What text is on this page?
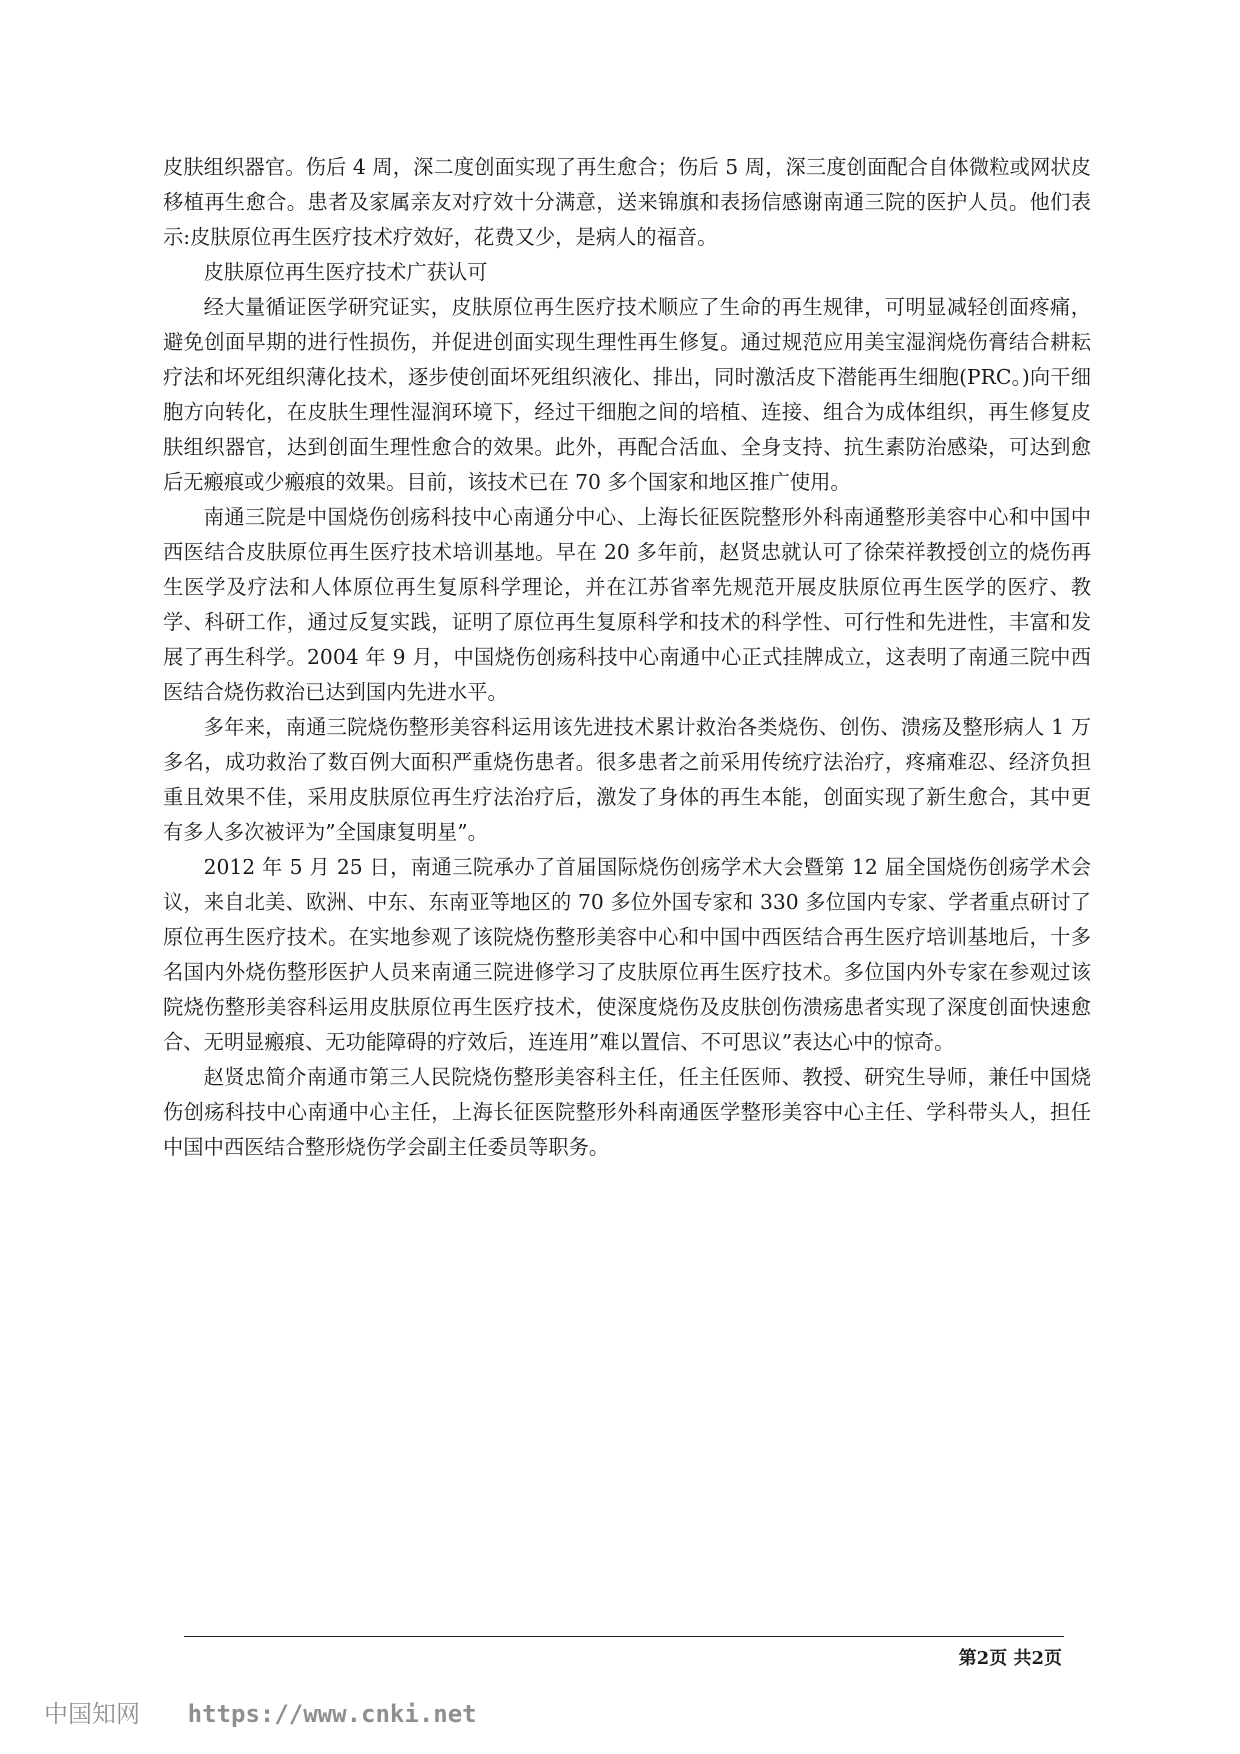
皮肤组织器官。伤后 4 周，深二度创面实现了再生愈合；伤后 5 周，深三度创面配合自体微粒或网状皮移植再生愈合。患者及家属亲友对疗效十分满意，送来锦旗和表扬信感谢南通三院的医护人员。他们表示:皮肤原位再生医疗技术疗效好，花费又少，是病人的福音。

皮肤原位再生医疗技术广获认可

经大量循证医学研究证实，皮肤原位再生医疗技术顺应了生命的再生规律，可明显减轻创面疼痛，避免创面早期的进行性损伤，并促进创面实现生理性再生修复。通过规范应用美宝湿润烧伤膏结合耕耘疗法和坏死组织薄化技术，逐步使创面坏死组织液化、排出，同时激活皮下潜能再生细胞(PRC。)向干细胞方向转化，在皮肤生理性湿润环境下，经过干细胞之间的培植、连接、组合为成体组织，再生修复皮肤组织器官，达到创面生理性愈合的效果。此外，再配合活血、全身支持、抗生素防治感染，可达到愈后无瘢痕或少瘢痕的效果。目前，该技术已在 70 多个国家和地区推广使用。

南通三院是中国烧伤创疡科技中心南通分中心、上海长征医院整形外科南通整形美容中心和中国中西医结合皮肤原位再生医疗技术培训基地。早在 20 多年前，赵贤忠就认可了徐荣祥教授创立的烧伤再生医学及疗法和人体原位再生复原科学理论，并在江苏省率先规范开展皮肤原位再生医学的医疗、教学、科研工作，通过反复实践，证明了原位再生复原科学和技术的科学性、可行性和先进性，丰富和发展了再生科学。2004 年 9 月，中国烧伤创疡科技中心南通中心正式挂牌成立，这表明了南通三院中西医结合烧伤救治已达到国内先进水平。

多年来，南通三院烧伤整形美容科运用该先进技术累计救治各类烧伤、创伤、溃疡及整形病人 1 万多名，成功救治了数百例大面积严重烧伤患者。很多患者之前采用传统疗法治疗，疼痛难忍、经济负担重且效果不佳，采用皮肤原位再生疗法治疗后，激发了身体的再生本能，创面实现了新生愈合，其中更有多人多次被评为”全国康复明星”。

2012 年 5 月 25 日，南通三院承办了首届国际烧伤创疡学术大会暨第 12 届全国烧伤创疡学术会议，来自北美、欧洲、中东、东南亚等地区的 70 多位外国专家和 330 多位国内专家、学者重点研讨了原位再生医疗技术。在实地参观了该院烧伤整形美容中心和中国中西医结合再生医疗培训基地后，十多名国内外烧伤整形医护人员来南通三院进修学习了皮肤原位再生医疗技术。多位国内外专家在参观过该院烧伤整形美容科运用皮肤原位再生医疗技术，使深度烧伤及皮肤创伤溃疡患者实现了深度创面快速愈合、无明显瘢痕、无功能障碍的疗效后，连连用”难以置信、不可思议”表达心中的惊奇。

赵贤忠简介南通市第三人民院烧伤整形美容科主任，任主任医师、教授、研究生导师，兼任中国烧伤创疡科技中心南通中心主任，上海长征医院整形外科南通医学整形美容中心主任、学科带头人，担任中国中西医结合整形烧伤学会副主任委员等职务。

第2页 共2页
中国知网 https://www.cnki.net
